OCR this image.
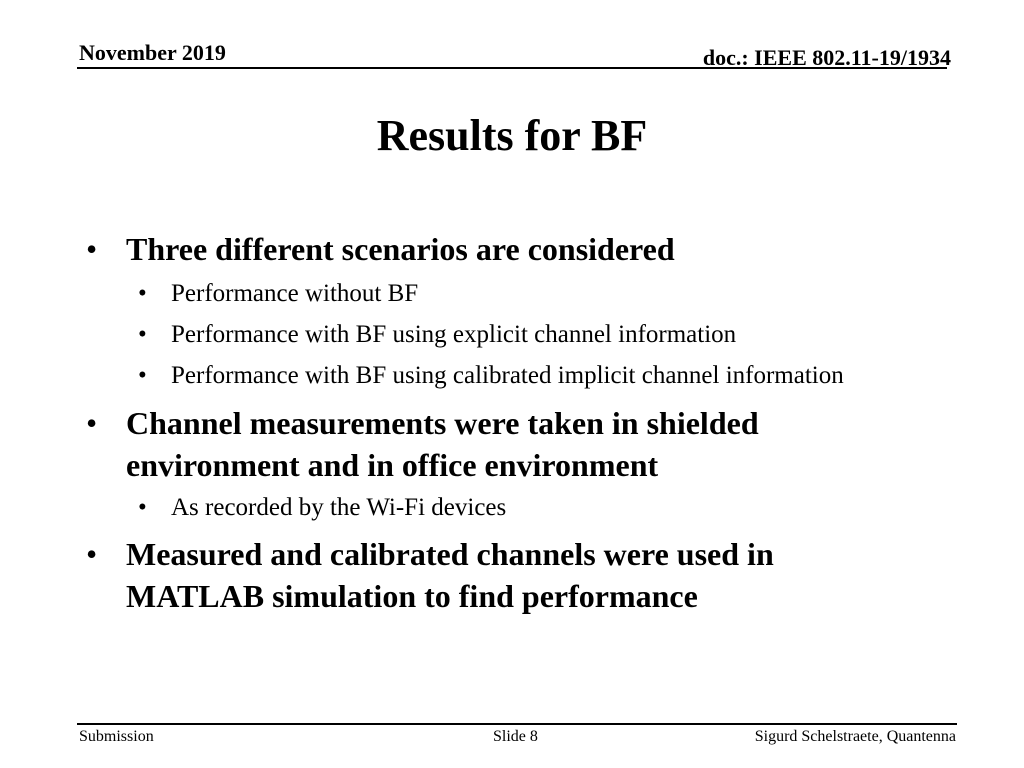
November 2019	doc.: IEEE 802.11-19/1934
Results for BF
• Three different scenarios are considered
• Performance without BF
• Performance with BF using explicit channel information
• Performance with BF using calibrated implicit channel information
• Channel measurements were taken in shielded environment and in office environment
• As recorded by the Wi-Fi devices
• Measured and calibrated channels were used in MATLAB simulation to find performance
Submission	Slide 8	Sigurd Schelstraete, Quantenna
